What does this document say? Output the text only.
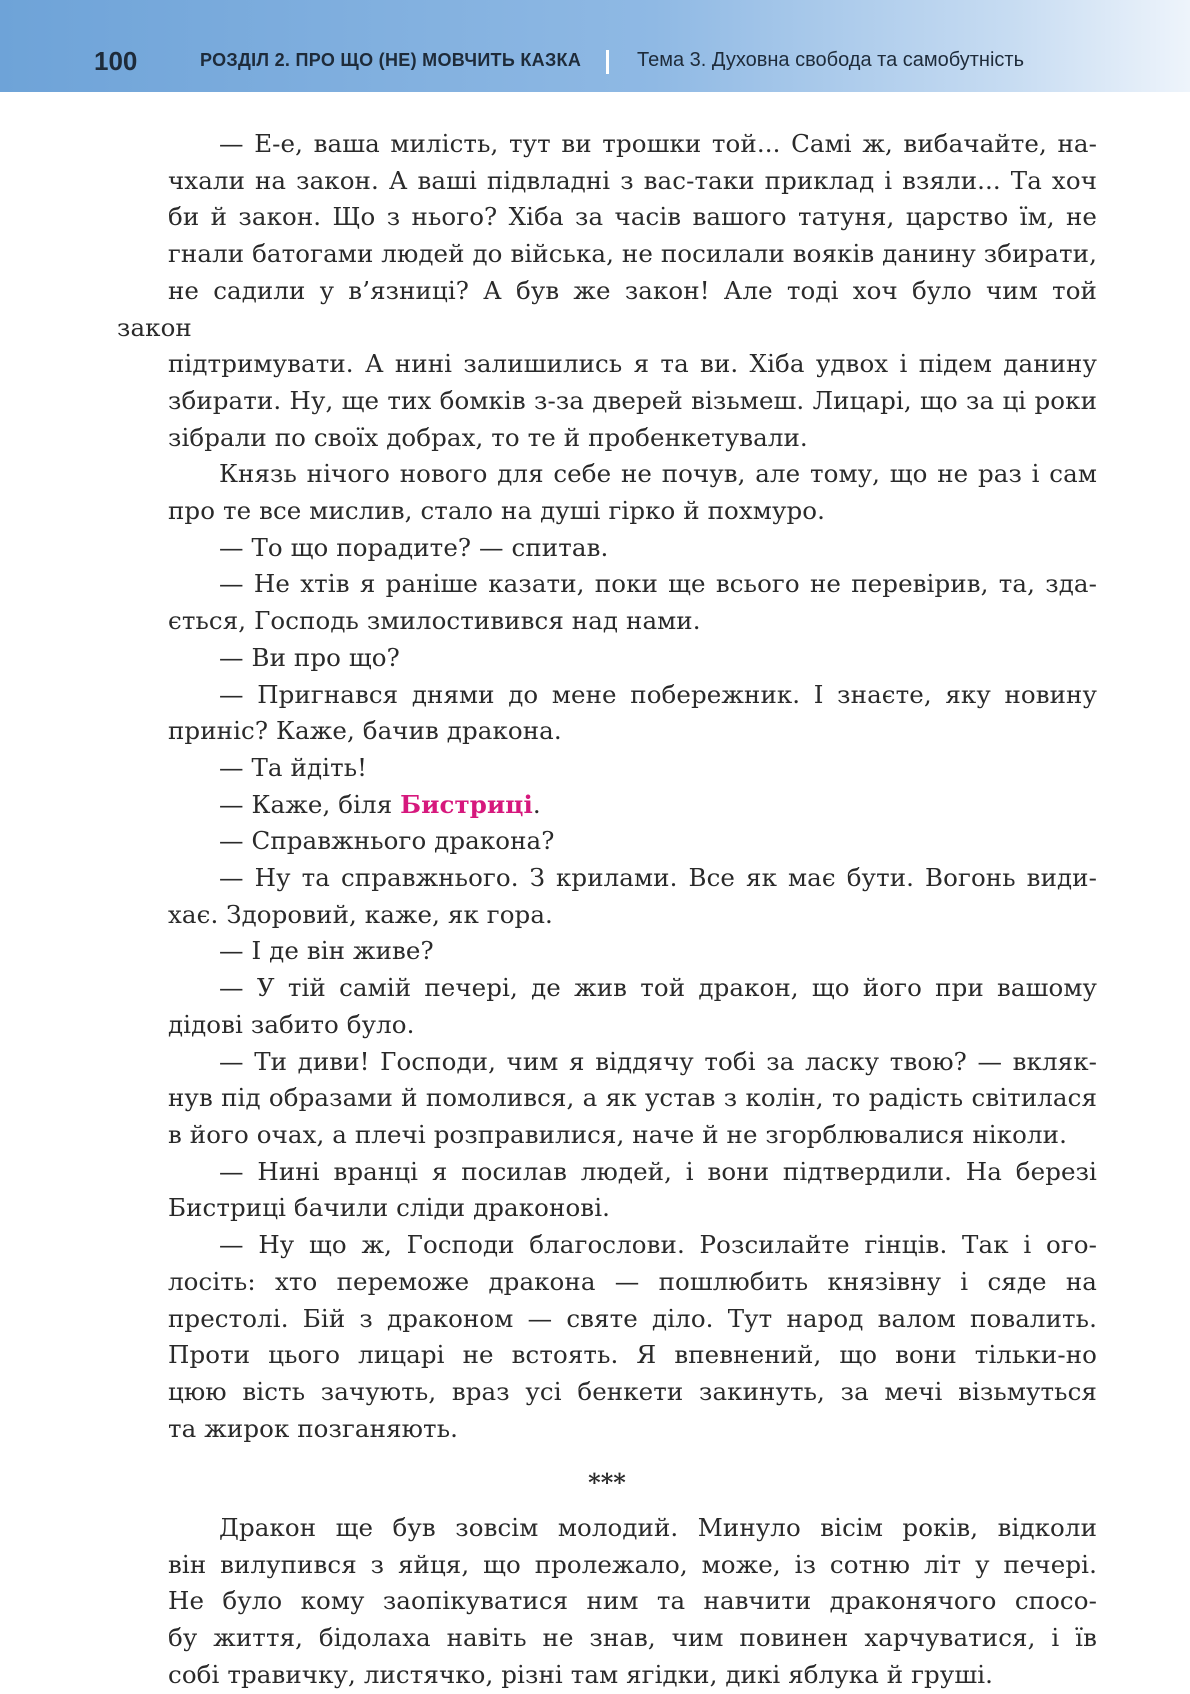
100	РОЗДІЛ 2. ПРО ЩО (НЕ) МОВЧИТЬ КАЗКА	Тема 3. Духовна свобода та самобутність
— Е-е, ваша милість, тут ви трошки той... Самі ж, вибачайте, на-
чхали на закон. А ваші підвладні з вас-таки приклад і взяли... Та хоч
би й закон. Що з нього? Хіба за часів вашого татуня, царство їм, не
гнали батогами людей до війська, не посилали вояків данину збирати,
не садили у в’язниці? А був же закон! Але тоді хоч було чим той закон
підтримувати. А нині залишились я та ви. Хіба удвох і підем данину
збирати. Ну, ще тих бомків з-за дверей візьмеш. Лицарі, що за ці роки
зібрали по своїх добрах, то те й пробенкетували.
Князь нічого нового для себе не почув, але тому, що не раз і сам
про те все мислив, стало на душі гірко й похмуро.
— То що порадите? — спитав.
— Не хтів я раніше казати, поки ще всього не перевірив, та, зда-
ється, Господь змилостивився над нами.
— Ви про що?
— Пригнався днями до мене побережник. І знаєте, яку новину
приніс? Каже, бачив дракона.
— Та йдіть!
— Каже, біля Бистриці.
— Справжнього дракона?
— Ну та справжнього. З крилами. Все як має бути. Вогонь види-
хає. Здоровий, каже, як гора.
— І де він живе?
— У тій самій печері, де жив той дракон, що його при вашому
дідові забито було.
— Ти диви! Господи, чим я віддячу тобі за ласку твою? — вкляк-
нув під образами й помолився, а як устав з колін, то радість світилася
в його очах, а плечі розправилися, наче й не згорблювалися ніколи.
— Нині вранці я посилав людей, і вони підтвердили. На березі
Бистриці бачили сліди драконові.
— Ну що ж, Господи благослови. Розсилайте гінців. Так і ого-
лосіть: хто переможе дракона — пошлюбить князівну і сяде на
престолі. Бій з драконом — святе діло. Тут народ валом повалить.
Проти цього лицарі не встоять. Я впевнений, що вони тільки-но
цюю вість зачують, враз усі бенкети закинуть, за мечі візьмуться
та жирок позганяють.
***
Дракон ще був зовсім молодий. Минуло вісім років, відколи
він вилупився з яйця, що пролежало, може, із сотню літ у печері.
Не було кому заопікуватися ним та навчити драконячого спосо-
бу життя, бідолаха навіть не знав, чим повинен харчуватися, і їв
собі травичку, листячко, різні там ягідки, дикі яблука й груші.
